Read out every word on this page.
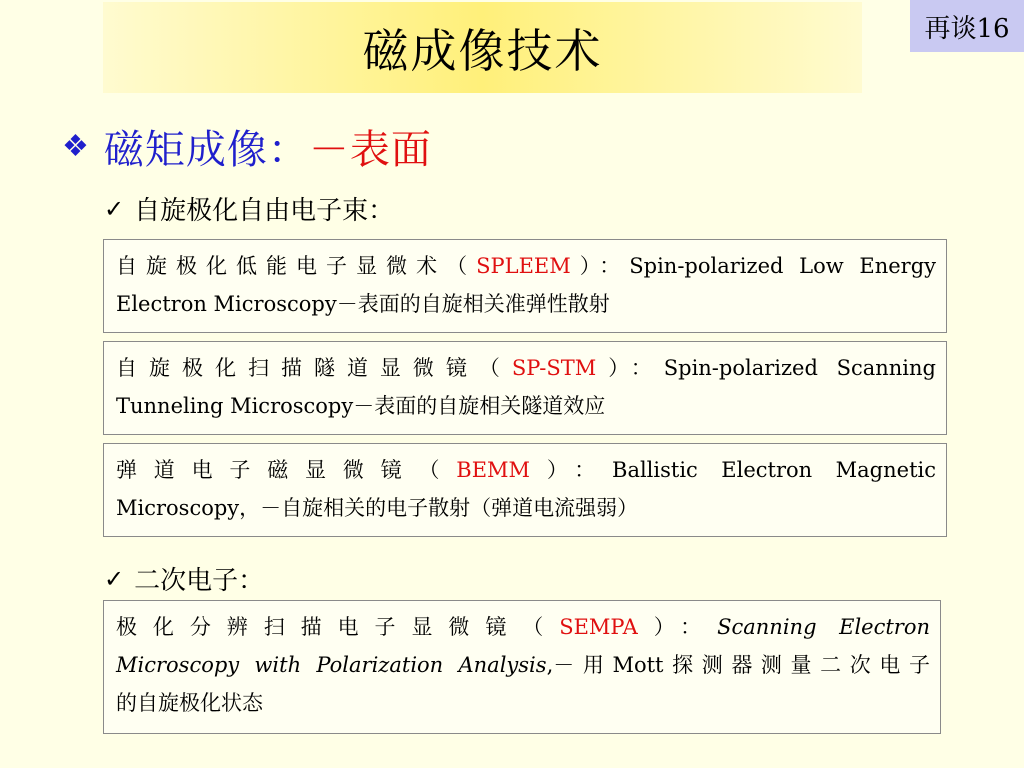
磁成像技术	再谈16
❖ 磁矩成像： －表面
✓ 自旋极化自由电子束：
自旋极化低能电子显微术（SPLEEM）：Spin-polarized Low Energy
Electron Microscopy－表面的自旋相关准弹性散射
自旋极化扫描隧道显微镜（SP-STM）：Spin-polarized Scanning
Tunneling Microscopy－表面的自旋相关隧道效应
弹道电子磁显微镜（BEMM）：Ballistic Electron Magnetic
Microscopy，－自旋相关的电子散射（弹道电流强弱）
✓ 二次电子：
极化分辨扫描电子显微镜（SEMPA）：Scanning Electron
Microscopy with Polarization Analysis,－用Mott探测器测量二次电子
的自旋极化状态
